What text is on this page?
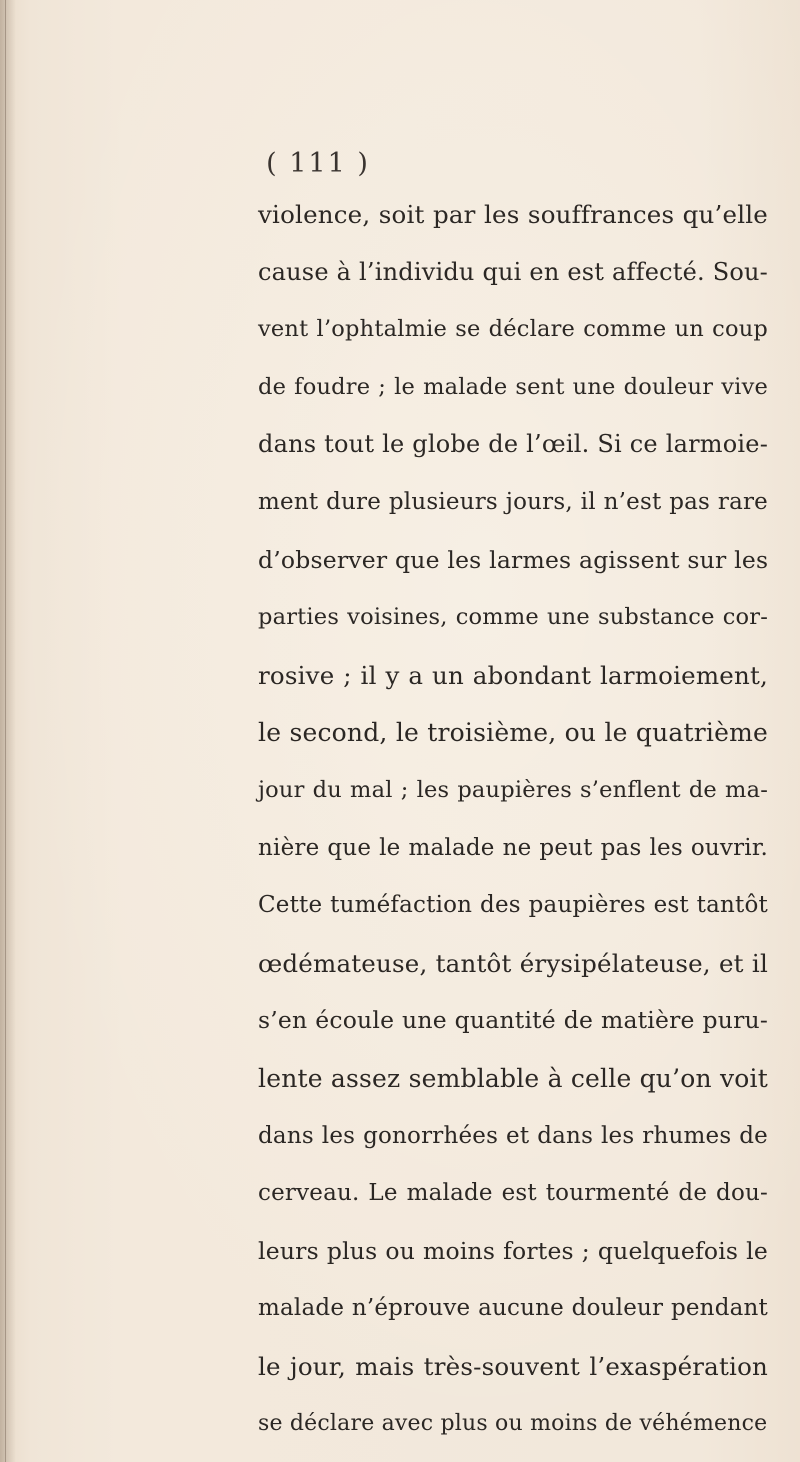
( 111 )
violence, soit par les souffrances qu’elle
cause à l’individu qui en est affecté. Sou-
vent l’ophtalmie se déclare comme un coup
de foudre ; le malade sent une douleur vive
dans tout le globe de l’œil. Si ce larmoie-
ment dure plusieurs jours, il n’est pas rare
d’observer que les larmes agissent sur les
parties voisines, comme une substance cor-
rosive ; il y a un abondant larmoiement,
le second, le troisième, ou le quatrième
jour du mal ; les paupières s’enflent de ma-
nière que le malade ne peut pas les ouvrir.
Cette tuméfaction des paupières est tantôt
œdémateuse, tantôt érysipélateuse, et il
s’en écoule une quantité de matière puru-
lente assez semblable à celle qu’on voit
dans les gonorrhées et dans les rhumes de
cerveau. Le malade est tourmenté de dou-
leurs plus ou moins fortes ; quelquefois le
malade n’éprouve aucune douleur pendant
le jour, mais très-souvent l’exaspération
se déclare avec plus ou moins de véhémence
